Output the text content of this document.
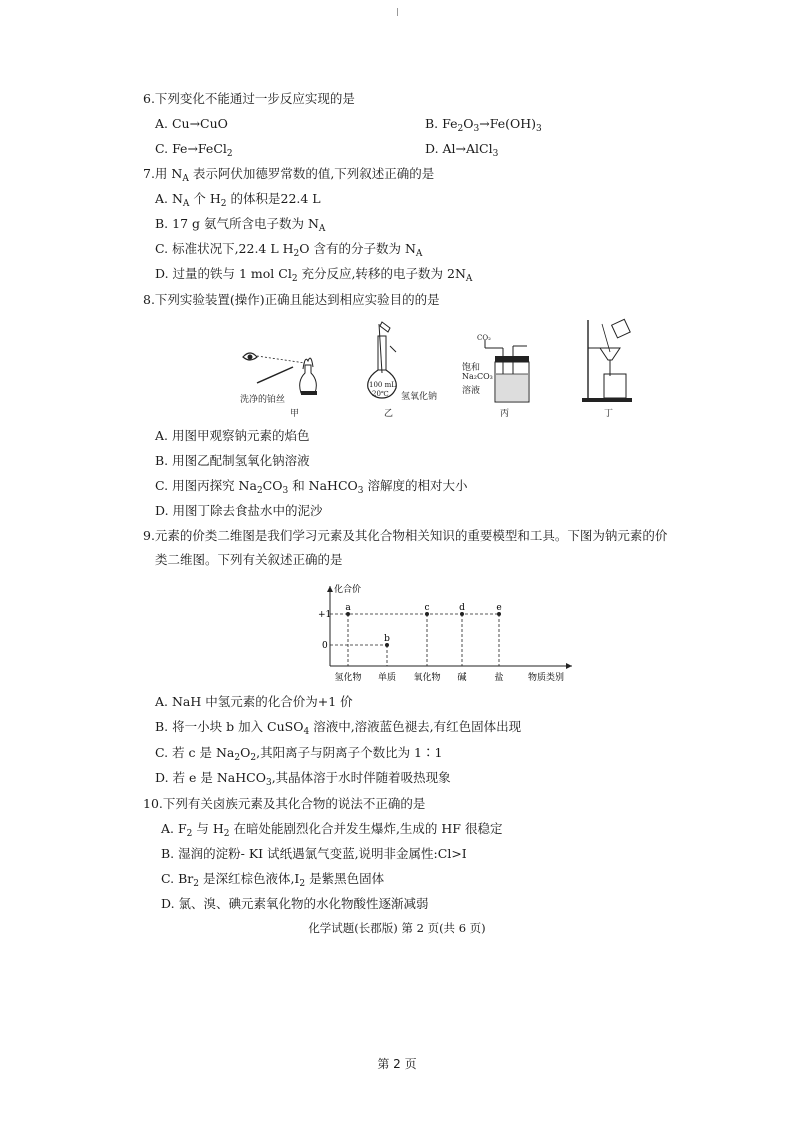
6.下列变化不能通过一步反应实现的是
A. Cu→CuO	B. $Fe_2O_3\to Fe(OH)_3$
C. Fe→FeCl$_2$	D. Al→AlCl$_3$
7.用 $N_A$ 表示阿伏加德罗常数的值,下列叙述正确的是
A. $N_A$ 个 $H_2$ 的体积是22.4 L
B. 17 g 氨气所含电子数为 $N_A$
C. 标准状况下,22.4 L $H_2O$ 含有的分子数为 $N_A$
D. 过量的铁与 1 mol $Cl_2$ 充分反应,转移的电子数为 $2N_A$
8.下列实验装置(操作)正确且能达到相应实验目的的是
洗净的铂丝
甲
100 mL
20℃ 氢氧化钠
乙
CO₂
饱和
Na₂CO₃
溶液
丙	丁
A. 用图甲观察钠元素的焰色
B. 用图乙配制氢氧化钠溶液
C. 用图丙探究 $Na_2CO_3$ 和 NaHCO$_3$ 溶解度的相对大小
D. 用图丁除去食盐水中的泥沙
9.元素的价类二维图是我们学习元素及其化合物相关知识的重要模型和工具。下图为钠元素的价
类二维图。下列有关叙述正确的是
化合价
物质类别
+1
0
氢化物 单质 氧化物 碱	盐
a
b
c	d	e
A. NaH 中氢元素的化合价为+1 价
B. 将一小块 b 加入 CuSO$_4$ 溶液中,溶液蓝色褪去,有红色固体出现
C. 若 c 是 $Na_2O_2$,其阳离子与阴离子个数比为 1∶1
D. 若 e 是 NaHCO$_3$,其晶体溶于水时伴随着吸热现象
10.下列有关卤族元素及其化合物的说法不正确的是
A. $F_2$ 与 $H_2$ 在暗处能剧烈化合并发生爆炸,生成的 HF 很稳定
B. 湿润的淀粉- KI 试纸遇氯气变蓝,说明非金属性:Cl>I
C. $Br_2$ 是深红棕色液体$,I_2$ 是紫黑色固体
D. 氯、溴、碘元素氧化物的水化物酸性逐渐减弱
化学试题(长郡版) 第 2 页(共 6 页)
第 2 页
